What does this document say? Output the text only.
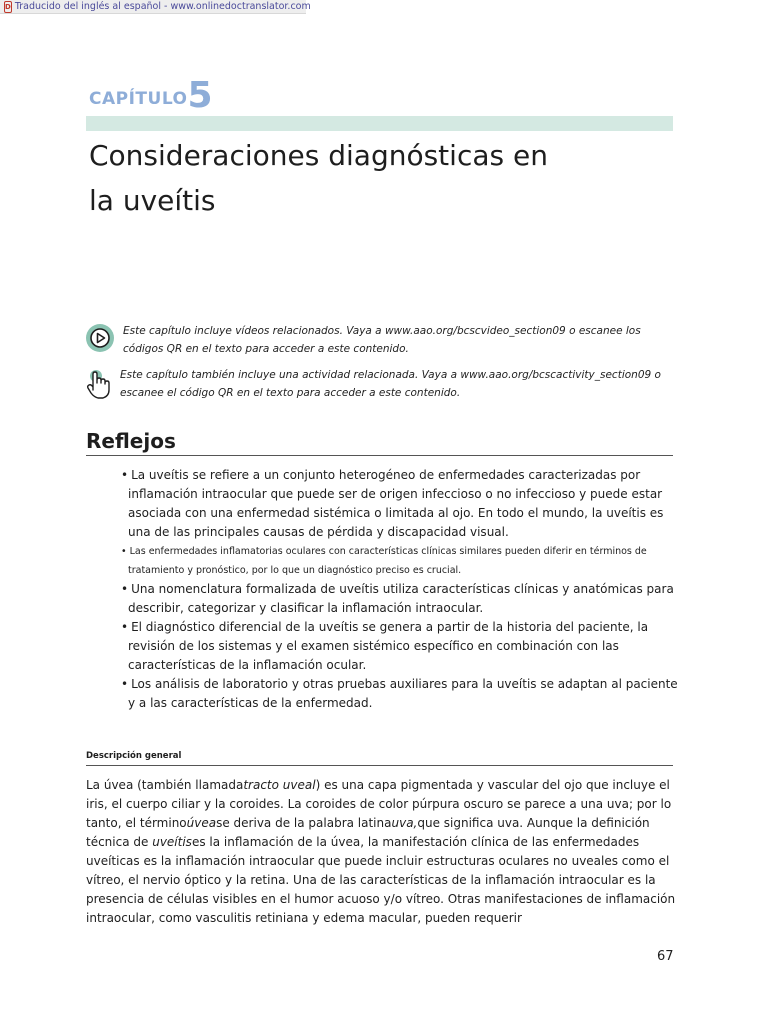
D Traducido del inglés al español - www.onlinedoctranslator.com
CAPÍTULO5
Consideraciones diagnósticas en
la uveítis
Este capítulo incluye vídeos relacionados. Vaya a www.aao.org/bcscvideo_section09 o escanee los códigos QR en el texto para acceder a este contenido.
Este capítulo también incluye una actividad relacionada. Vaya a www.aao.org/bcscactivity_section09 o escanee el código QR en el texto para acceder a este contenido.
Reflejos
• La uveítis se refiere a un conjunto heterogéneo de enfermedades caracterizadas por inflamación intraocular que puede ser de origen infeccioso o no infeccioso y puede estar asociada con una enfermedad sistémica o limitada al ojo. En todo el mundo, la uveítis es una de las principales causas de pérdida y discapacidad visual.
• Las enfermedades inflamatorias oculares con características clínicas similares pueden diferir en términos de tratamiento y pronóstico, por lo que un diagnóstico preciso es crucial.
• Una nomenclatura formalizada de uveítis utiliza características clínicas y anatómicas para describir, categorizar y clasificar la inflamación intraocular.
• El diagnóstico diferencial de la uveítis se genera a partir de la historia del paciente, la revisión de los sistemas y el examen sistémico específico en combinación con las características de la inflamación ocular.
• Los análisis de laboratorio y otras pruebas auxiliares para la uveítis se adaptan al paciente y a las características de la enfermedad.
Descripción general

La úvea (también llamadatracto uveal) es una capa pigmentada y vascular del ojo que incluye el iris, el cuerpo ciliar y la coroides. La coroides de color púrpura oscuro se parece a una uva; por lo tanto, el términoúvease deriva de la palabra latinauva,que significa uva. Aunque la definición técnica de uveítises la inflamación de la úvea, la manifestación clínica de las enfermedades uveíticas es la inflamación intraocular que puede incluir estructuras oculares no uveales como el vítreo, el nervio óptico y la retina. Una de las características de la inflamación intraocular es la presencia de células visibles en el humor acuoso y/o vítreo. Otras manifestaciones de inflamación intraocular, como vasculitis retiniana y edema macular, pueden requerir

67
